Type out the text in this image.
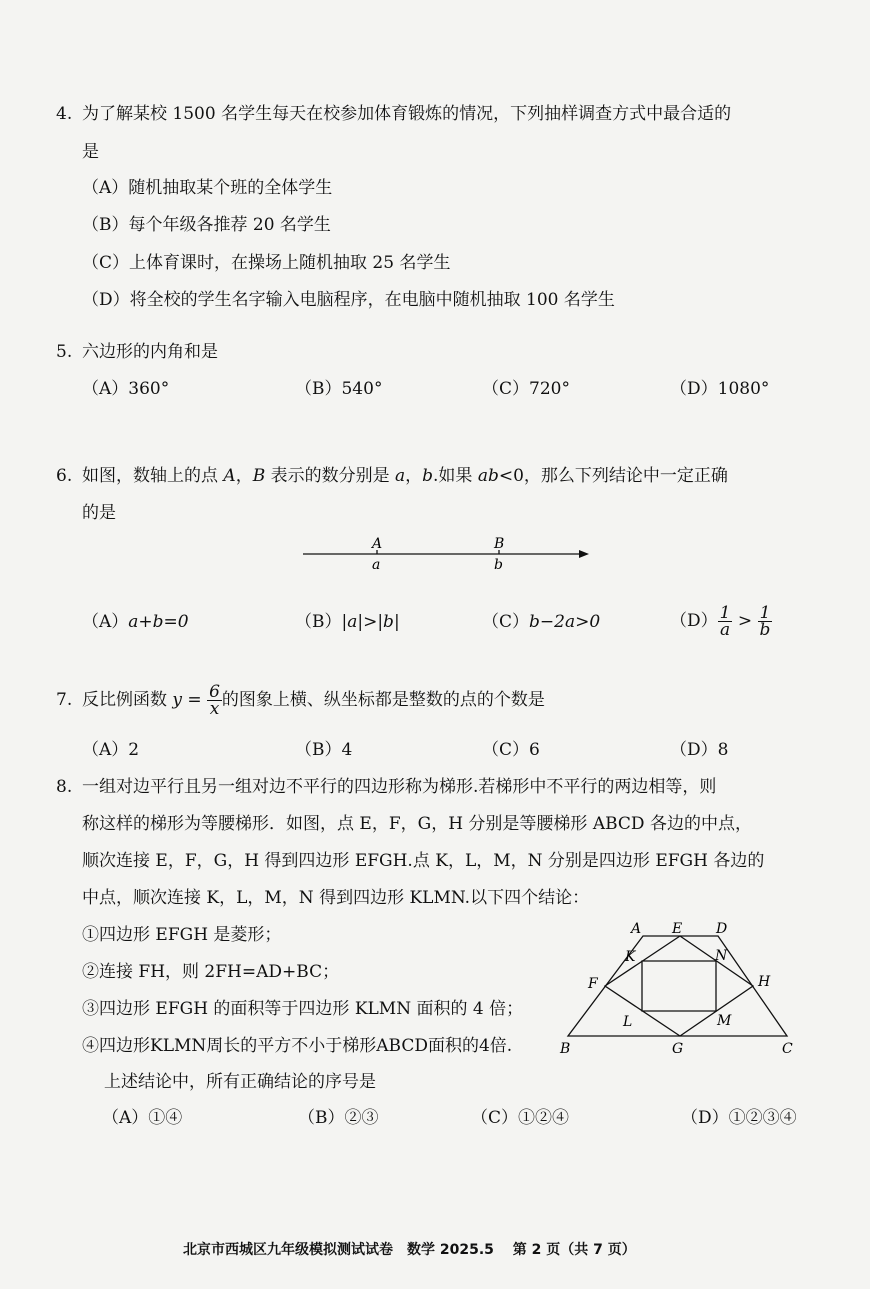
4. 为了解某校 1500 名学生每天在校参加体育锻炼的情况，下列抽样调查方式中最合适的
是
（A）随机抽取某个班的全体学生
（B）每个年级各推荐 20 名学生
（C）上体育课时，在操场上随机抽取 25 名学生
（D）将全校的学生名字输入电脑程序，在电脑中随机抽取 100 名学生
5. 六边形的内角和是
（A）360°	（B）540°	（C）720°	（D）1080°
6. 如图，数轴上的点 A，B 表示的数分别是 a，b.如果 ab<0，那么下列结论中一定正确
的是
A	B
a	b
（A）a+b=0	（B）|a|>|b|	（C）b−2a>0	$(D) \frac{1}{a} > \frac{1}{b}$
7. 反比例函数 $y = \frac{6}{x}$ 的图象上横、纵坐标都是整数的点的个数是
（A）2	（B）4	（C）6	（D）8
8. 一组对边平行且另一组对边不平行的四边形称为梯形.若梯形中不平行的两边相等，则
称这样的梯形为等腰梯形．如图，点 E，F，G，H 分别是等腰梯形 ABCD 各边的中点，
顺次连接 E，F，G，H 得到四边形 EFGH.点 K，L，M，N 分别是四边形 EFGH 各边的
中点，顺次连接 K，L，M，N 得到四边形 KLMN.以下四个结论：
①四边形 EFGH 是菱形；
②连接 FH，则 2FH=AD+BC；
③四边形 EFGH 的面积等于四边形 KLMN 面积的 4 倍；
④四边形KLMN周长的平方不小于梯形ABCD面积的4倍.
上述结论中，所有正确结论的序号是
（A）①④	（B）②③	（C）①②④	（D）①②③④
A E D
K	N
F	H
L	M
B	G	C
北京市西城区九年级模拟测试试卷　数学 2025.5　 第 2 页（共 7 页）
